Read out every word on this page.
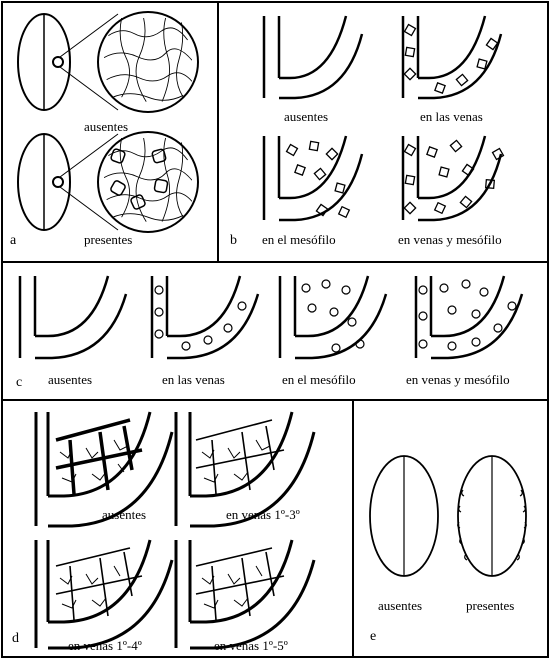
ausentes
a	presentes
ausentes	en las venas
en el mesófilo
b	en venas y mesófilo
ausentes	en las venas	en el mesófilo
c	en venas y mesófilo
ausentes	en venas 1º-3º
d	en venas 1º-4º	en venas 1º-5º
ausentes
e
presentes
